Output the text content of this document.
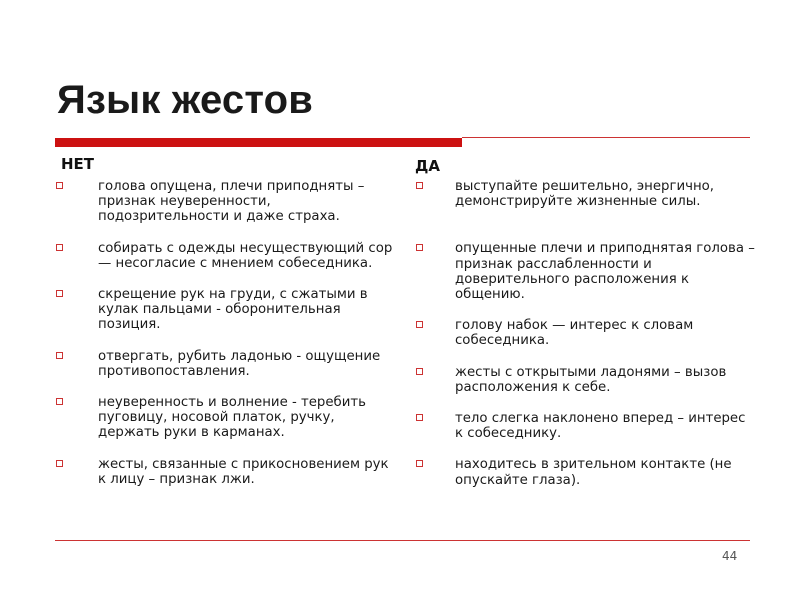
Язык жестов
НЕТ
голова опущена, плечи приподняты – признак неуверенности, подозрительности и даже страха.
собирать с одежды несуществующий сор — несогласие с мнением собеседника.
скрещение рук на груди, с сжатыми в кулак пальцами - оборонительная позиция.
отвергать, рубить ладонью - ощущение противопоставления.
неуверенность и волнение - теребить пуговицу, носовой платок, ручку, держать руки в карманах.
жесты, связанные с прикосновением рук к лицу – признак лжи.
ДА
выступайте решительно, энергично, демонстрируйте жизненные силы.
опущенные плечи и приподнятая голова – признак расслабленности и доверительного расположения к общению.
голову набок — интерес к словам собеседника.
жесты с открытыми ладонями – вызов расположения к себе.
тело слегка наклонено вперед – интерес к собеседнику.
находитесь в зрительном контакте (не опускайте глаза).
44
